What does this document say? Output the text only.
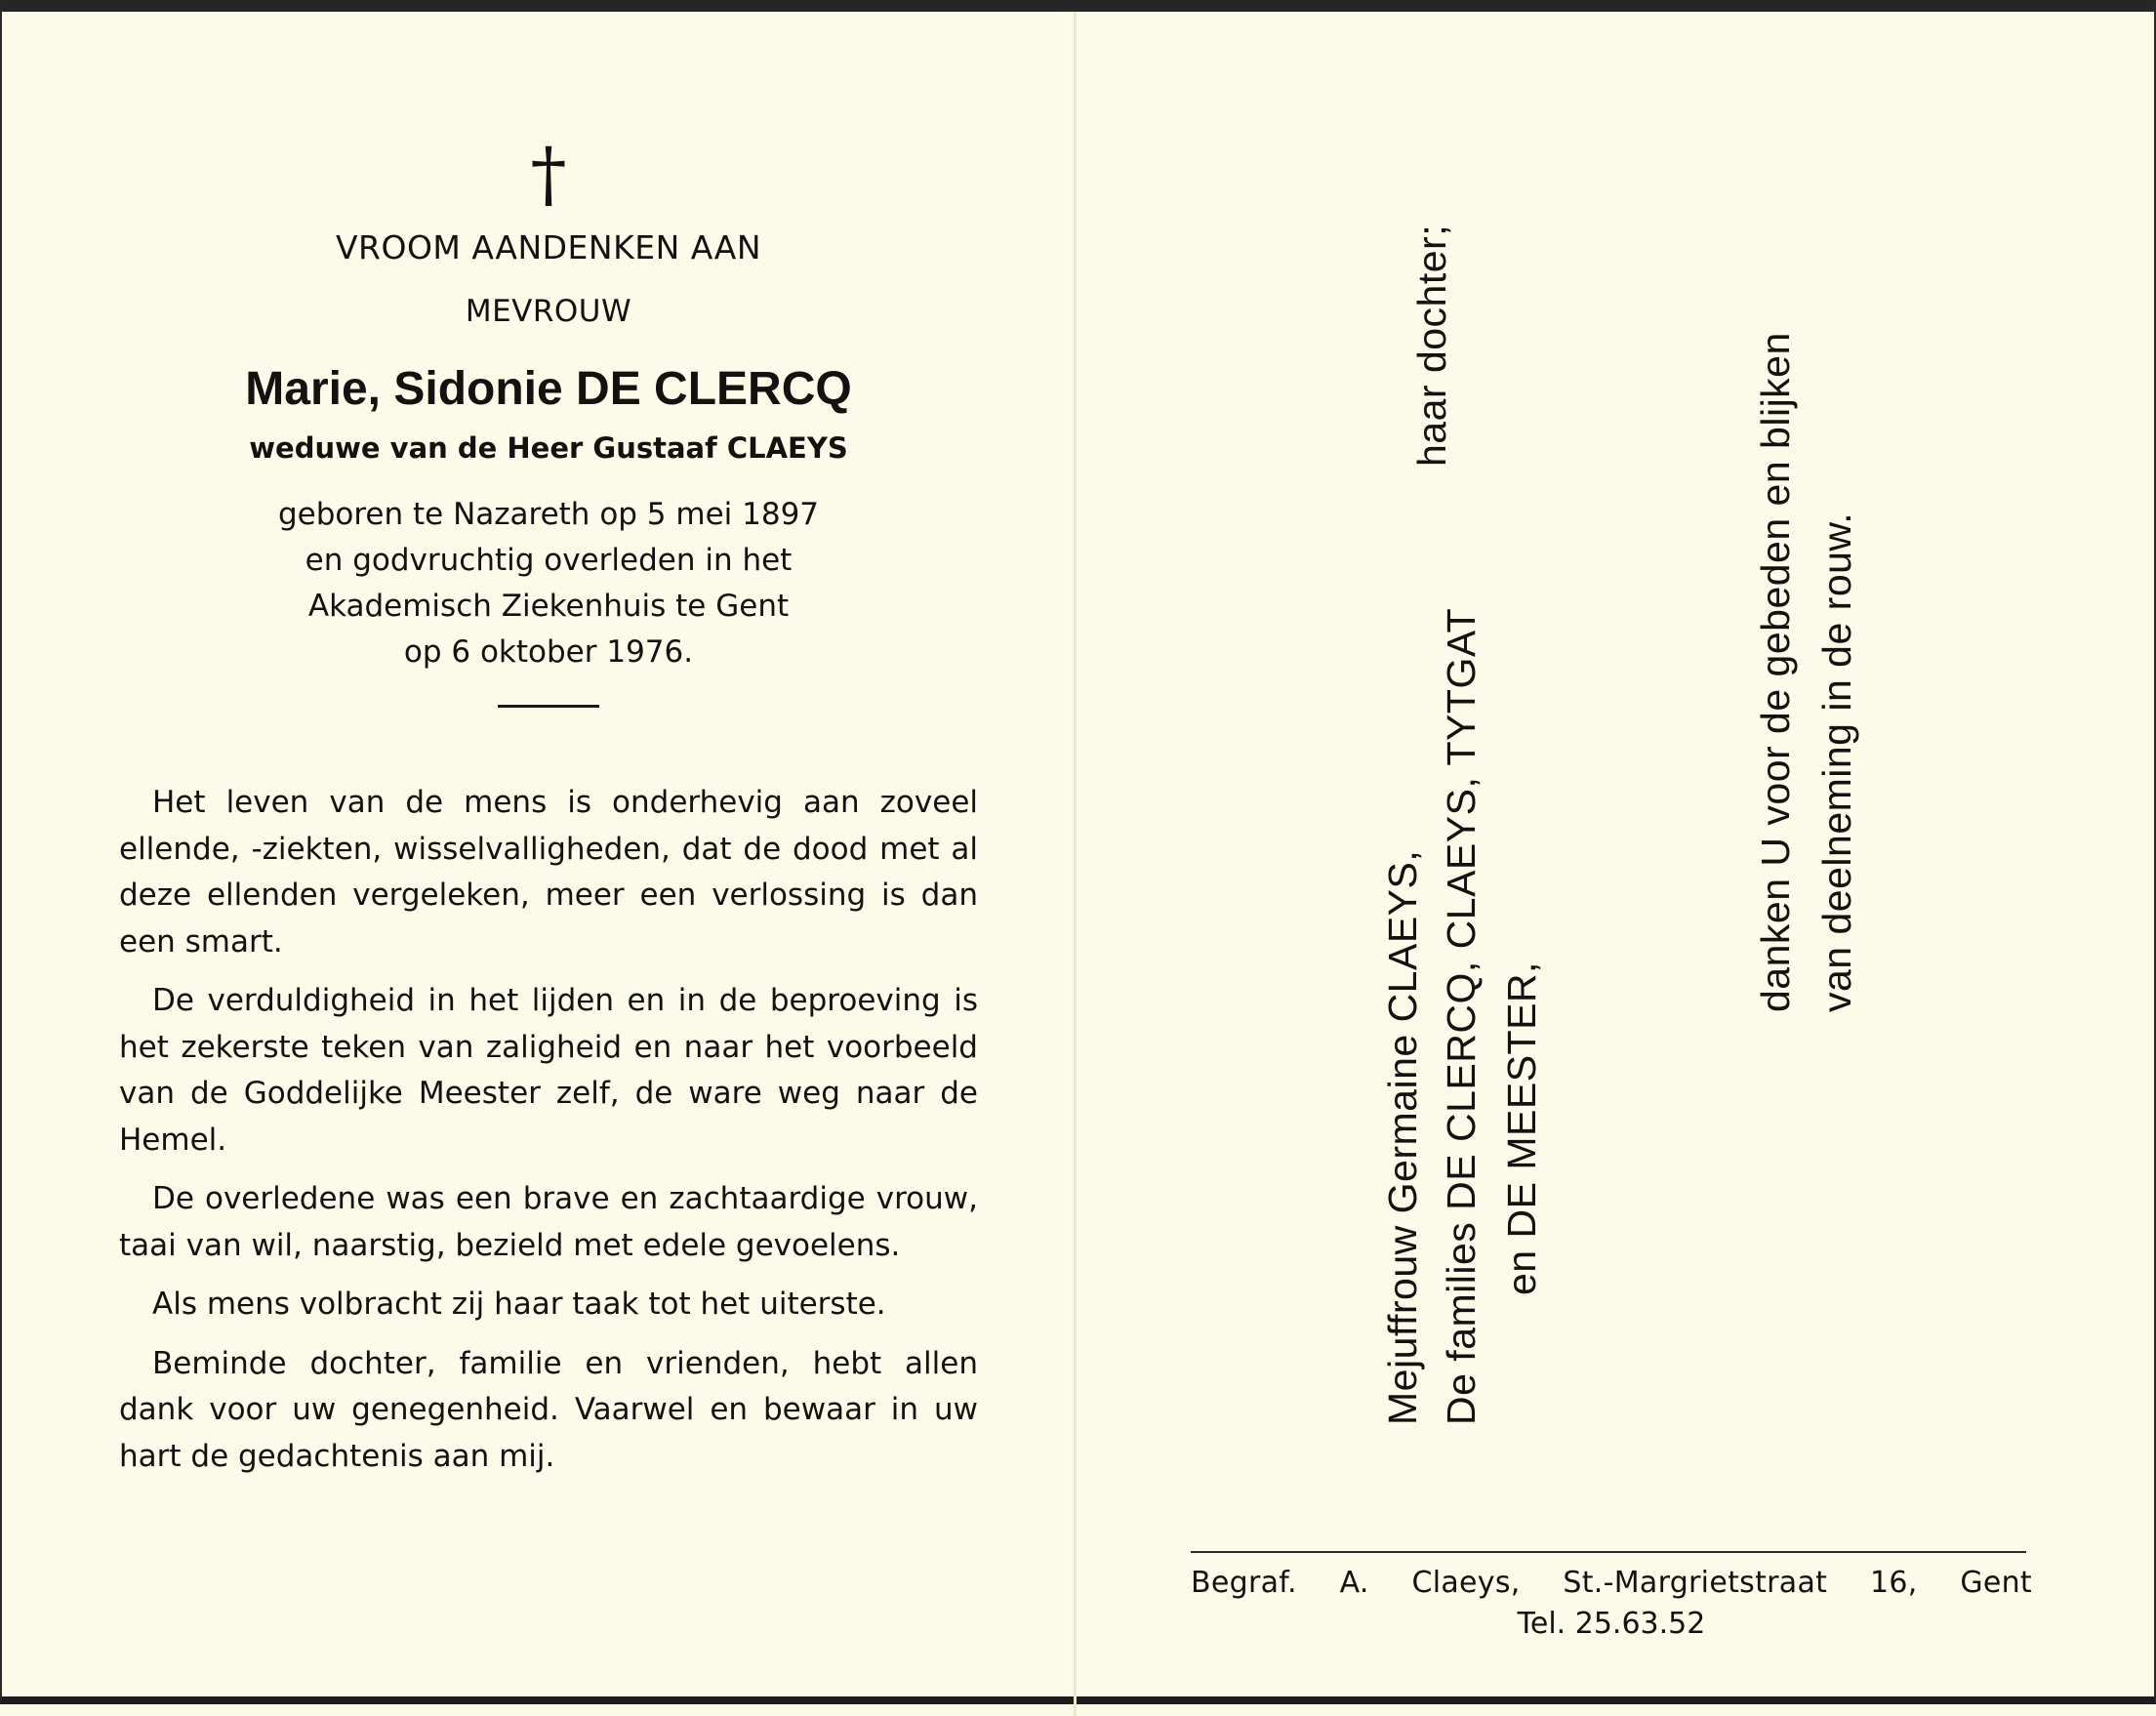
†
VROOM AANDENKEN AAN
MEVROUW
Marie, Sidonie DE CLERCQ
weduwe van de Heer Gustaaf CLAEYS
geboren te Nazareth op 5 mei 1897
en godvruchtig overleden in het
Akademisch Ziekenhuis te Gent
op 6 oktober 1976.

Het leven van de mens is onderhevig aan zoveel ellende, -ziekten, wisselvalligheden, dat de dood met al deze ellenden vergeleken, meer een verlossing is dan een smart.

De verduldigheid in het lijden en in de beproeving is het zekerste teken van zaligheid en naar het voorbeeld van de Goddelijke Meester zelf, de ware weg naar de Hemel.

De overledene was een brave en zachtaardige vrouw, taai van wil, naarstig, bezield met edele gevoelens.

Als mens volbracht zij haar taak tot het uiterste.

Beminde dochter, familie en vrienden, hebt allen dank voor uw genegenheid. Vaarwel en bewaar in uw hart de gedachtenis aan mij.

Mejuffrouw Germaine CLAEYS, De families DE CLERCQ, CLAEYS, TYTGAT en DE MEESTER,
haar dochter;	danken U voor de gebeden en blijken van deelneming in de rouw.
Begraf. A. Claeys, St.-Margrietstraat 16, Gent
Tel. 25.63.52
